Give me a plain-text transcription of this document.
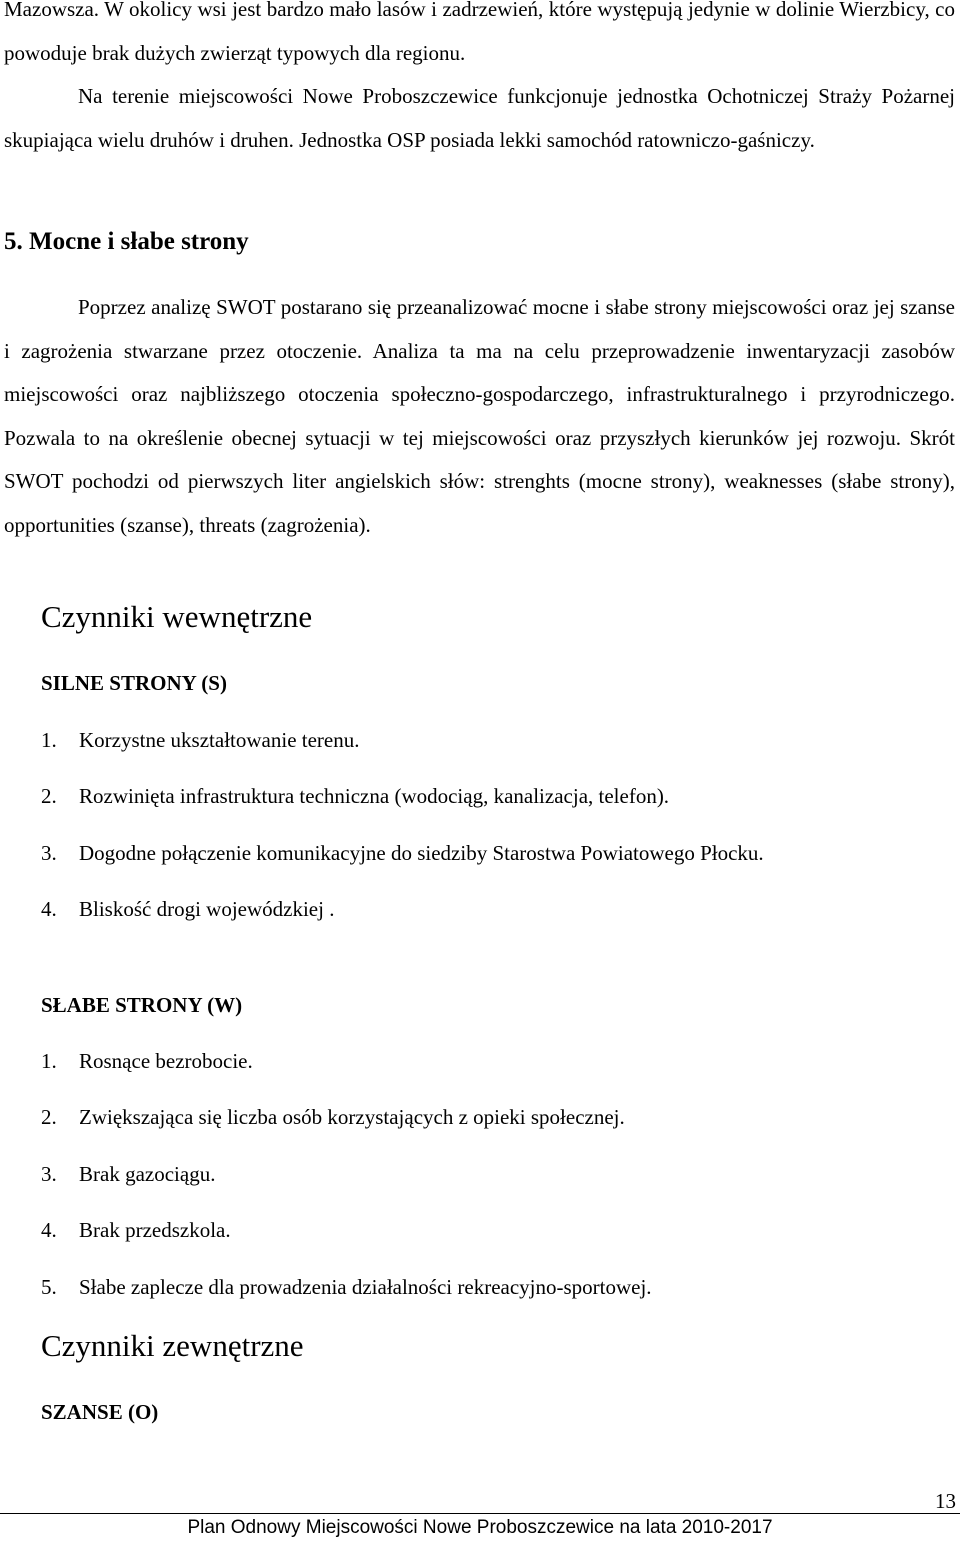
Mazowsza. W okolicy wsi jest bardzo mało lasów i zadrzewień, które występują jedynie w dolinie Wierzbicy, co powoduje brak dużych zwierząt typowych dla regionu.

Na terenie miejscowości Nowe Proboszczewice funkcjonuje jednostka Ochotniczej Straży Pożarnej skupiająca wielu druhów i druhen. Jednostka OSP posiada lekki samochód ratowniczo-gaśniczy.

5. Mocne i słabe strony

Poprzez analizę SWOT postarano się przeanalizować mocne i słabe strony miejscowości oraz jej szanse i zagrożenia stwarzane przez otoczenie. Analiza ta ma na celu przeprowadzenie inwentaryzacji zasobów miejscowości oraz najbliższego otoczenia społeczno-gospodarczego, infrastrukturalnego i przyrodniczego. Pozwala to na określenie obecnej sytuacji w tej miejscowości oraz przyszłych kierunków jej rozwoju. Skrót SWOT pochodzi od pierwszych liter angielskich słów: strenghts (mocne strony), weaknesses (słabe strony), opportunities (szanse), threats (zagrożenia).

Czynniki wewnętrzne
SILNE STRONY (S)
1. Korzystne ukształtowanie terenu.
2. Rozwinięta infrastruktura techniczna (wodociąg, kanalizacja, telefon).
3. Dogodne połączenie komunikacyjne do siedziby Starostwa Powiatowego Płocku.
4. Bliskość drogi wojewódzkiej .
SŁABE STRONY (W)
1. Rosnące bezrobocie.
2. Zwiększająca się liczba osób korzystających z opieki społecznej.
3. Brak gazociągu.
4. Brak przedszkola.
5. Słabe zaplecze dla prowadzenia działalności rekreacyjno-sportowej.
Czynniki zewnętrzne
SZANSE (O)
13
Plan Odnowy Miejscowości Nowe Proboszczewice na lata 2010-2017
